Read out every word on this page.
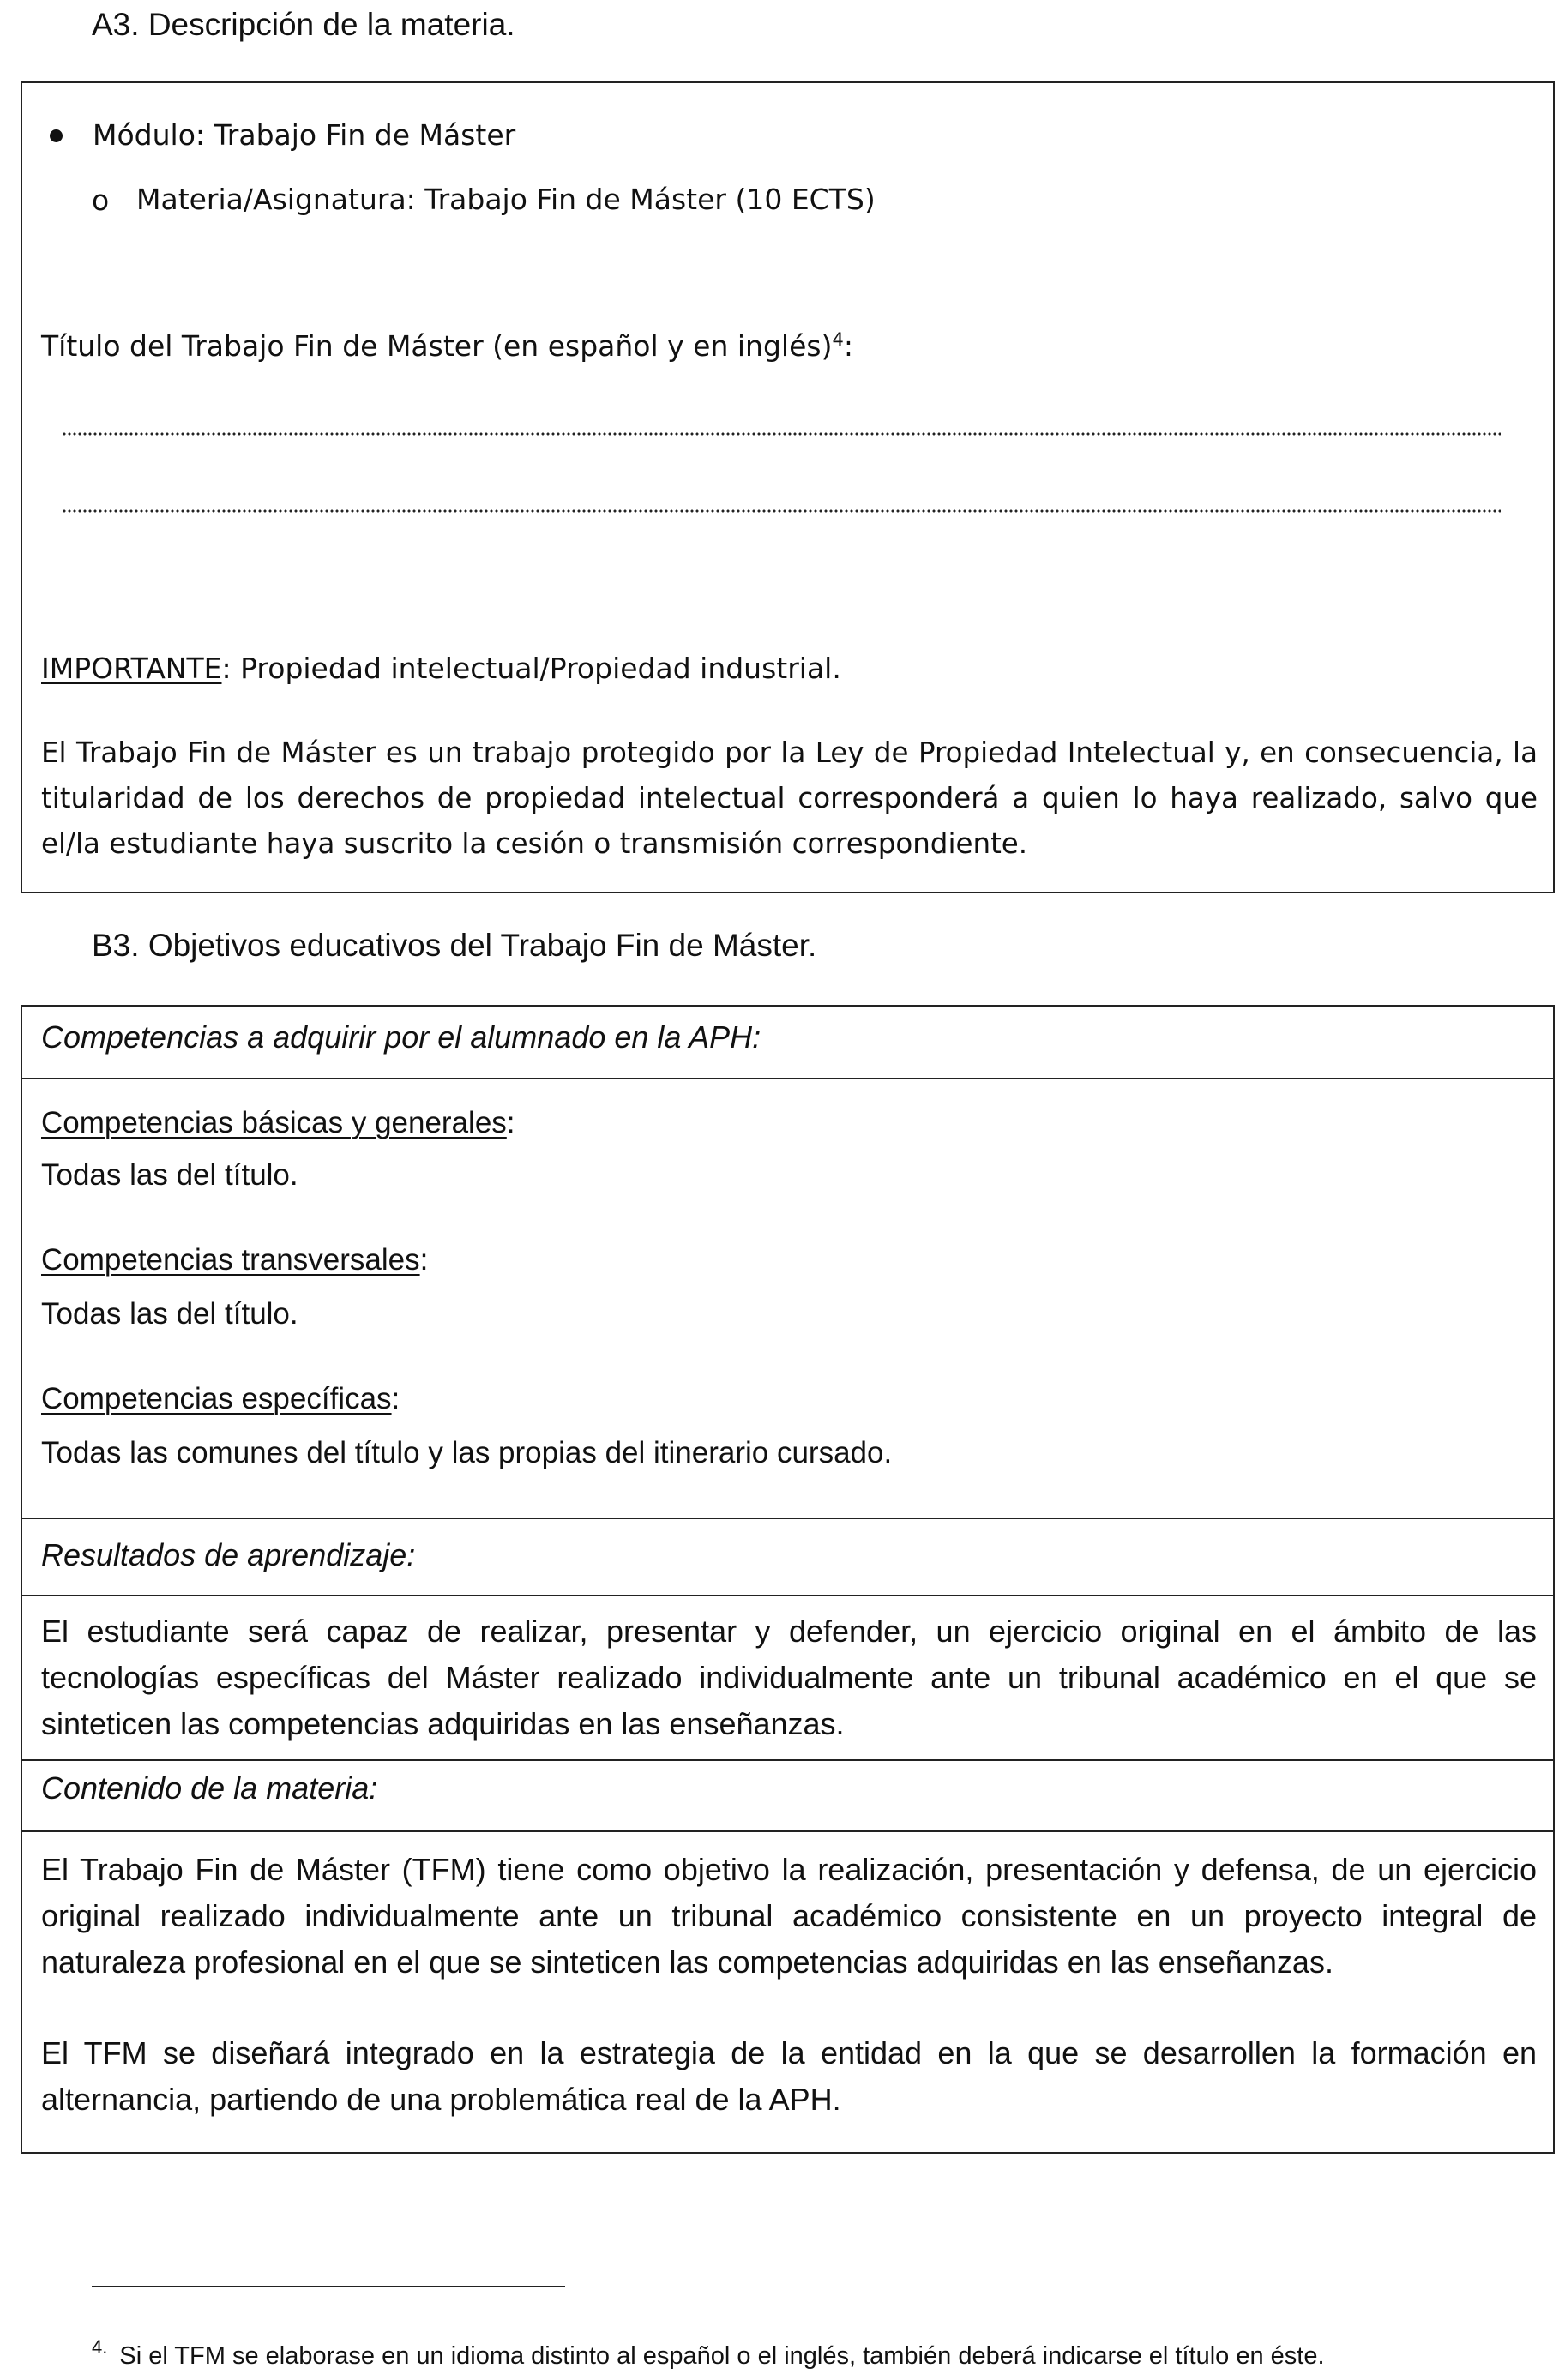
A3. Descripción de la materia.
Módulo: Trabajo Fin de Máster
o Materia/Asignatura: Trabajo Fin de Máster (10 ECTS)
Título del Trabajo Fin de Máster (en español y en inglés)$^4$:
IMPORTANTE: Propiedad intelectual/Propiedad industrial.
El Trabajo Fin de Máster es un trabajo protegido por la Ley de Propiedad Intelectual y, en consecuencia, la titularidad de los derechos de propiedad intelectual corresponderá a quien lo haya realizado, salvo que el/la estudiante haya suscrito la cesión o transmisión correspondiente.
B3. Objetivos educativos del Trabajo Fin de Máster.
Competencias a adquirir por el alumnado en la APH:
Competencias básicas y generales:
Todas las del título.
Competencias transversales:
Todas las del título.
Competencias específicas:
Todas las comunes del título y las propias del itinerario cursado.
Resultados de aprendizaje:
El estudiante será capaz de realizar, presentar y defender, un ejercicio original en el ámbito de las tecnologías específicas del Máster realizado individualmente ante un tribunal académico en el que se sinteticen las competencias adquiridas en las enseñanzas.
Contenido de la materia:
El Trabajo Fin de Máster (TFM) tiene como objetivo la realización, presentación y defensa, de un ejercicio original realizado individualmente ante un tribunal académico consistente en un proyecto integral de naturaleza profesional en el que se sinteticen las competencias adquiridas en las enseñanzas.
El TFM se diseñará integrado en la estrategia de la entidad en la que se desarrollen la formación en alternancia, partiendo de una problemática real de la APH.
$^{4.}$ Si el TFM se elaborase en un idioma distinto al español o el inglés, también deberá indicarse el título en éste.
